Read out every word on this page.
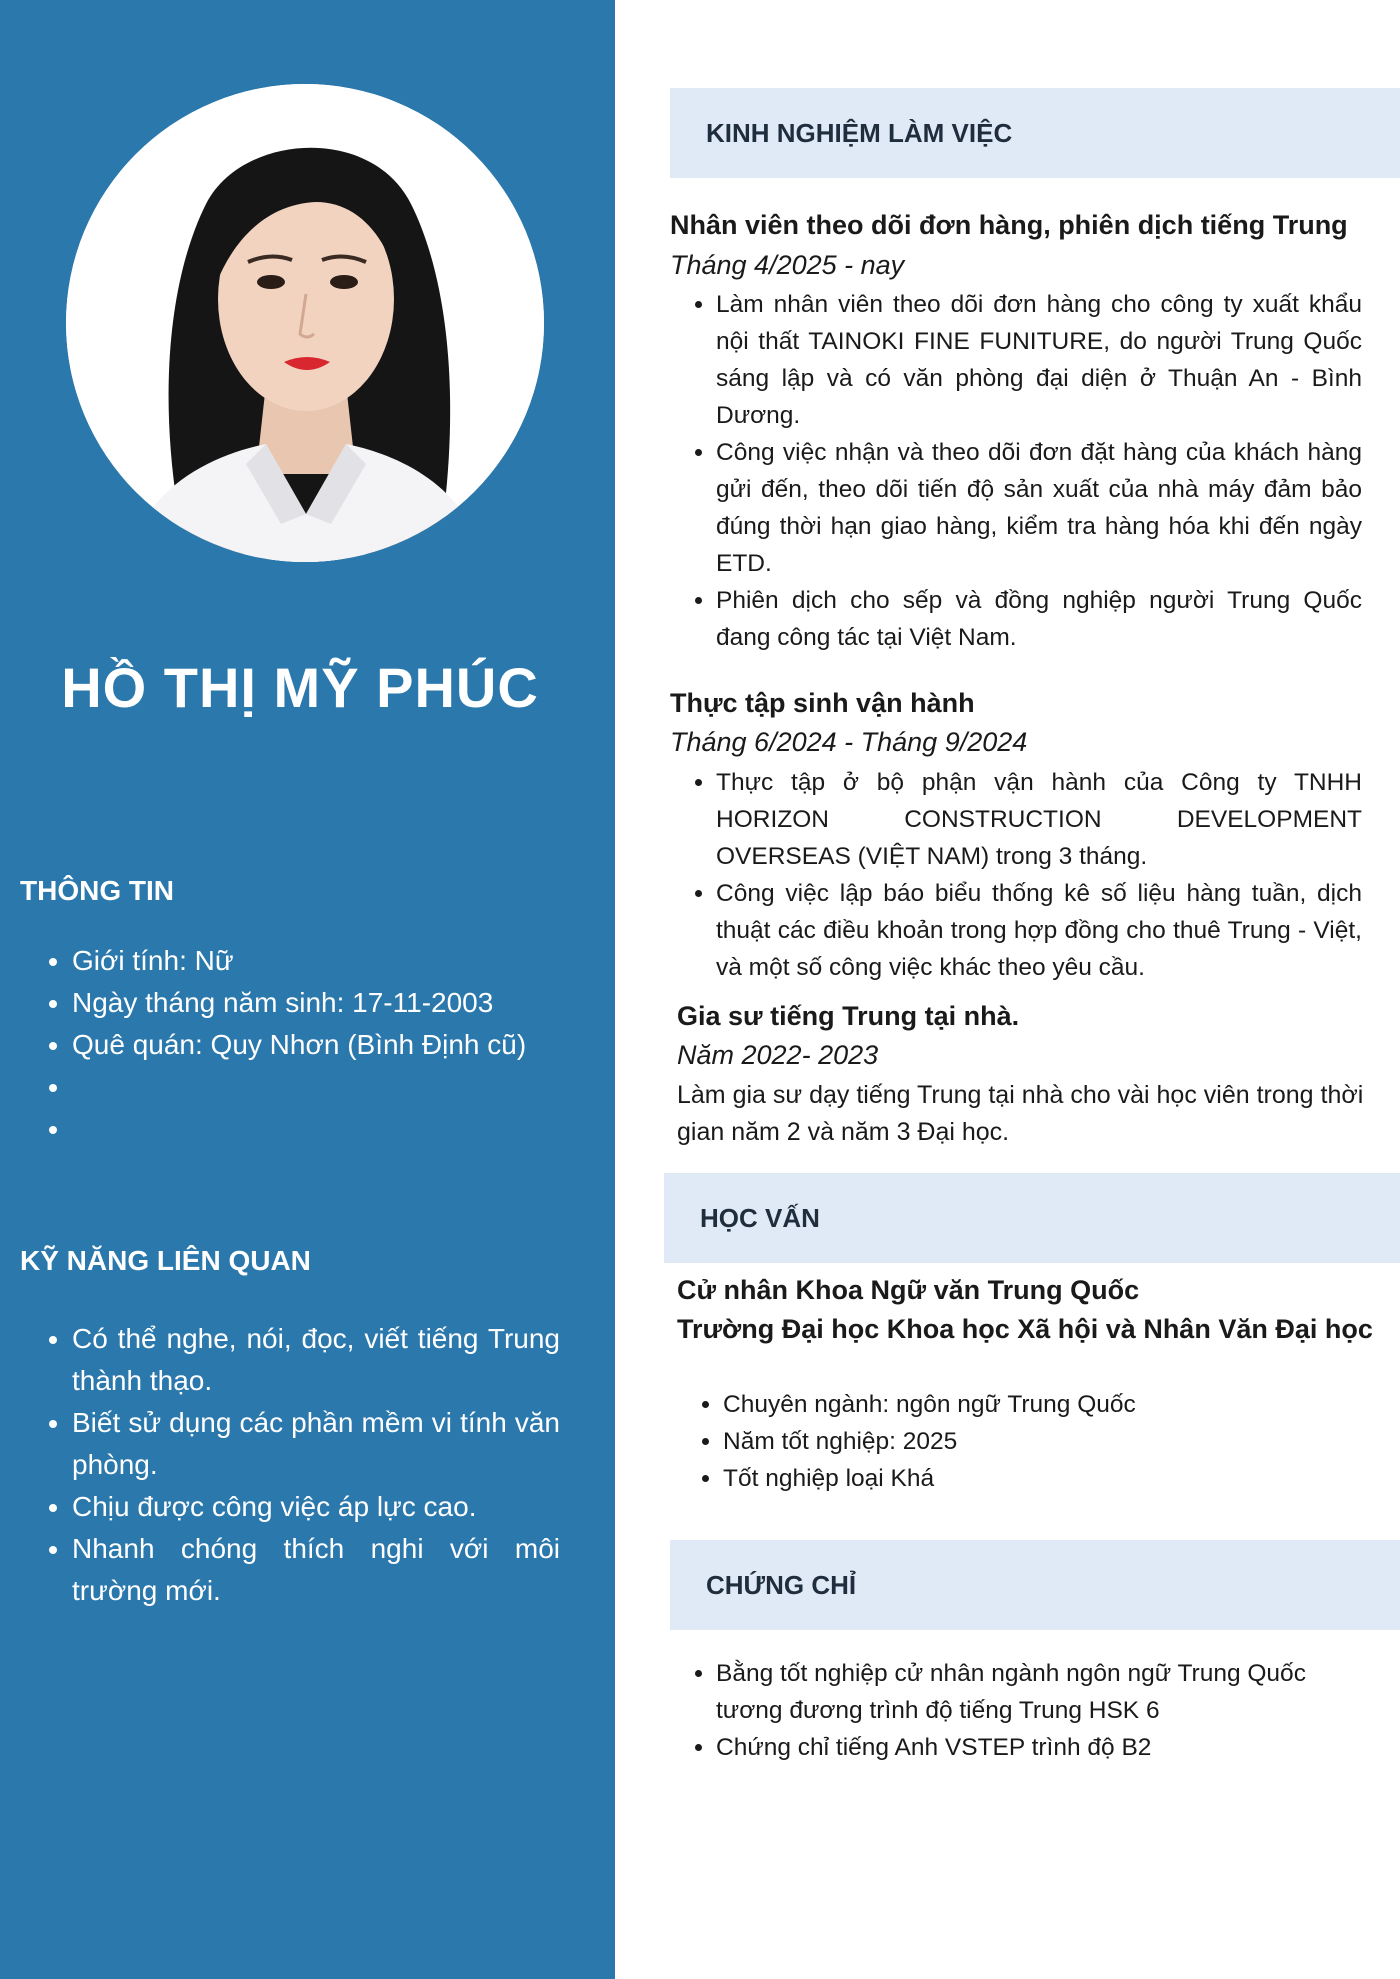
HỒ THỊ MỸ PHÚC
THÔNG TIN
• Giới tính: Nữ
• Ngày tháng năm sinh: 17-11-2003
• Quê quán: Quy Nhơn (Bình Định cũ)
•
•
KỸ NĂNG LIÊN QUAN
• Có thể nghe, nói, đọc, viết tiếng Trung thành thạo.
• Biết sử dụng các phần mềm vi tính văn phòng.
• Chịu được công việc áp lực cao.
• Nhanh chóng thích nghi với môi trường mới.
KINH NGHIỆM LÀM VIỆC
Nhân viên theo dõi đơn hàng, phiên dịch tiếng Trung

Tháng 4/2025 - nay

• Làm nhân viên theo dõi đơn hàng cho công ty xuất khẩu nội thất TAINOKI FINE FUNITURE, do người Trung Quốc sáng lập và có văn phòng đại diện ở Thuận An - Bình Dương.
• Công việc nhận và theo dõi đơn đặt hàng của khách hàng gửi đến, theo dõi tiến độ sản xuất của nhà máy đảm bảo đúng thời hạn giao hàng, kiểm tra hàng hóa khi đến ngày ETD.
• Phiên dịch cho sếp và đồng nghiệp người Trung Quốc đang công tác tại Việt Nam.
Thực tập sinh vận hành

Tháng 6/2024 - Tháng 9/2024

• Thực tập ở bộ phận vận hành của Công ty TNHH HORIZON CONSTRUCTION DEVELOPMENT OVERSEAS (VIỆT NAM) trong 3 tháng.
• Công việc lập báo biểu thống kê số liệu hàng tuần, dịch thuật các điều khoản trong hợp đồng cho thuê Trung - Việt, và một số công việc khác theo yêu cầu.
Gia sư tiếng Trung tại nhà.

Năm 2022- 2023

Làm gia sư dạy tiếng Trung tại nhà cho vài học viên trong thời gian năm 2 và năm 3 Đại học.

HỌC VẤN
Cử nhân Khoa Ngữ văn Trung Quốc
Trường Đại học Khoa học Xã hội và Nhân Văn Đại học
• Chuyên ngành: ngôn ngữ Trung Quốc
• Năm tốt nghiệp: 2025
• Tốt nghiệp loại Khá
CHỨNG CHỈ
• Bằng tốt nghiệp cử nhân ngành ngôn ngữ Trung Quốc tương đương trình độ tiếng Trung HSK 6
• Chứng chỉ tiếng Anh VSTEP trình độ B2
